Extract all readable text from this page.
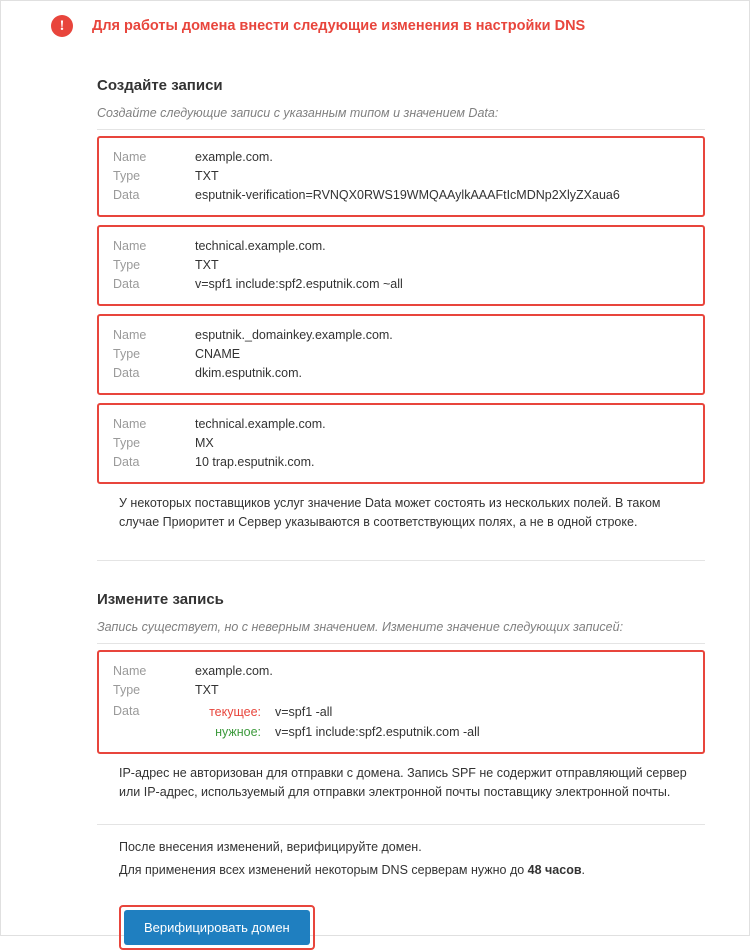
!	Для работы домена внести следующие изменения в настройки DNS
Создайте записи
Создайте следующие записи с указанным типом и значением Data:
Name	example.com.
Type	TXT
Data	esputnik-verification=RVNQX0RWS19WMQAAylkAAAFtIcMDNp2XlyZXaua6
Name	technical.example.com.
Type	TXT
Data	v=spf1 include:spf2.esputnik.com ~all
Name	esputnik._domainkey.example.com.
Type	CNAME
Data	dkim.esputnik.com.
Name	technical.example.com.
Type	MX
Data	10 trap.esputnik.com.
У некоторых поставщиков услуг значение Data может состоять из нескольких полей. В таком случае Приоритет и Сервер указываются в соответствующих полях, а не в одной строке.
Измените запись
Запись существует, но с неверным значением. Измените значение следующих записей:
Name	example.com.
Type	TXT
Data	текущее: v=spf1 -all
нужное: v=spf1 include:spf2.esputnik.com -all
IP-адрес не авторизован для отправки с домена. Запись SPF не содержит отправляющий сервер или IP-адрес, используемый для отправки электронной почты поставщику электронной почты.
После внесения изменений, верифицируйте домен.
Для применения всех изменений некоторым DNS серверам нужно до 48 часов.
Верифицировать домен
